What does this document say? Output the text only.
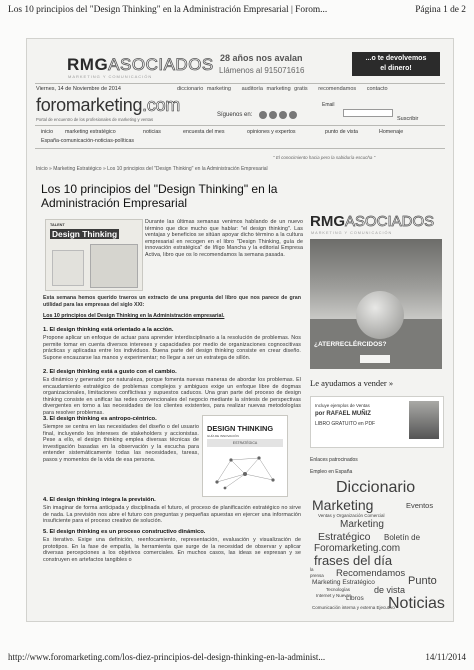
Los 10 principios del "Design Thinking" en la Administración Empresarial | Forom...	Página 1 de 2
RMGASOCIADOS
MARKETING Y COMUNICACIÓN
28 años nos avalan
Llámenos al 915071616
...o te devolvemos
el dinero!
Viernes, 14 de Noviembre de 2014	diccionario marketing auditoría marketing gratis recomendamos contacto
foromarketing.com
Portal de encuentro de los profesionales de marketing y ventas
Email
Suscribir
Síguenos en:
inicio marketing estratégico	noticias	encuesta del mes	opiniones y expertos	punto de vista	Homenaje
España-comunicación-noticias-políticas
" El conocimiento hacia pero la sabiduría escucha "
Inicio » Marketing Estratégico » Los 10 principios del "Design Thinking" en la Administración Empresarial
Los 10 principios del "Design Thinking" en la Administración Empresarial
TALENT
Design Thinking
Durante las últimas semanas venimos hablando de un nuevo término que dice mucho que hablar: "el design thinking". Las ventajas y beneficios se sitúan apoyar dicho término a la cultura empresarial en recogen en el libro "Design Thinking, guía de innovación estratégica" de Iñigo Mancha y la editorial Empresa Activa, libro que os lo recomendamos la semana pasada.
Esta semana hemos querido traeros un extracto de una pregunta del libro que nos parece de gran utilidad para las empresas del siglo XXI:
Los 10 principios del Design Thinking en la Administración empresarial.
1. El design thinking está orientado a la acción.
Propone aplicar un enfoque de actuar para aprender interdisciplinario a la resolución de problemas. Nos permite tomar en cuenta diversos intereses y capacidades por medio de organizaciones cognoscitivas prácticas y aplicadas entre los individuos. Buena parte del design thinking consiste en crear diseño. Supone encauzarse las manos y experimentar; no llegar a ser un estratega de sillón.
2. El design thinking está a gusto con el cambio.
Es dinámico y generador por naturaleza, porque fomenta nuevas maneras de abordar los problemas. El encaudamiento estratégico de problemas complejos y ambiguos exige un enfoque libre de dogmas organizacionales, limitaciones conflictivas y supuestos caducos. Una gran parte del proceso de design thinking consiste en unificar las redes convencionales del negocio mediante la síntesis de perspectivas divergentes en torno a las necesidades de los clientes existentes, para realizar nuevas metodologías para resolver problemas.
3. El design thinking es antropo-céntrico.
Siempre se centra en las necesidades del diseño o del usuario final, incluyendo los intereses de stakeholders y accionistas. Pese a ello, el design thinking emplea diversas técnicas de investigación basadas en la observación y la escucha para entender sistemáticamente todas las necesidades, tareas, pasos y momentos de la vida de esa persona.
DESIGN THINKING
GUÍA DE INNOVACIÓN
ESTRATÉGICA
4. El design thinking integra la previsión.
Sin imaginar de forma anticipada y disciplinada el futuro, el proceso de planificación estratégico no sirve de nada. La previsión nos abre el futuro con preguntas y pequeñas apuestas en ejercer una información insuficiente para el proceso creativo de solución.
5. El design thinking es un proceso constructivo dinámico.
Es iterativo. Exige una definición, reenfocamiento, representación, evaluación y visualización de prototipos. En la fase de empatía, la herramienta que surge de la necesidad de observar y aplicar diversas percepciones a los objetivos comerciales. En muchos casos, las ideas se expresan y se construyen en artefactos tangibles o
RMGASOCIADOS
MARKETING Y COMUNICACIÓN
¿ATERRECLÉRCIDOS?
Le ayudamos a vender »
Incluye ejemplos de Ventas
por RAFAEL MUÑIZ
LIBRO GRATUITO en PDF
Enlaces patrocinados
Empleo en España
Diccionario
Marketing	Eventos
Ventas y Organización Comercial
Marketing
Estratégico Boletín de
Foromarketing.com
frases del día
la
prensa Recomendamos
Marketing Estratégico	Punto
de vista
Noticias
Internet y Nuevas
Libros
Tecnologías
Comunicación interna y externa Ejecutivo
http://www.foromarketing.com/los-diez-principios-del-design-thinking-en-la-administ...	14/11/2014
